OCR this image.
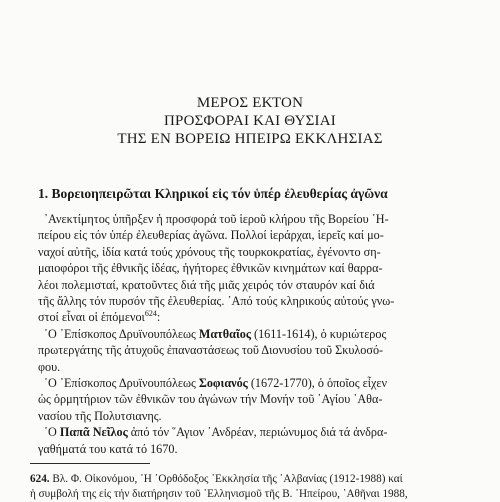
ΜΕΡΟΣ ΕΚΤΟΝ
ΠΡΟΣΦΟΡΑΙ ΚΑΙ ΘΥΣΙΑΙ
ΤΗΣ ΕΝ ΒΟΡΕΙΩ ΗΠΕΙΡΩ ΕΚΚΛΗΣΙΑΣ
1. Βορειοηπειρῶται Κληρικοί εἰς τόν ὑπέρ ἐλευθερίας ἀγῶνα
᾿Ανεκτίμητος ὑπῆρξεν ἡ προσφορά τοῦ ἱεροῦ κλήρου τῆς Βορείου ῾Η-
πείρου εἰς τόν ὑπέρ ἐλευθερίας ἀγῶνα. Πολλοί ἱεράρχαι, ἱερεῖς καί μο-
ναχοί αὐτῆς, ἰδία κατά τούς χρόνους τῆς τουρκοκρατίας, ἐγένοντο ση-
μαιοφόροι τῆς ἐθνικῆς ἰδέας, ἡγήτορες ἐθνικῶν κινημάτων καί θαρρα-
λέοι πολεμισταί, κρατοῦντες διά τῆς μιᾶς χειρός τόν σταυρόν καί διά
τῆς ἄλλης τόν πυρσόν τῆς ἐλευθερίας. ᾿Από τούς κληρικούς αὐτούς γνω-
στοί εἶναι οἱ ἑπόμενοι$^{624}$:
῾Ο ᾿Επίσκοπος Δρυϊνουπόλεως Ματθαῖος (1611-1614), ὁ κυριώτερος
πρωτεργάτης τῆς ἀτυχοῦς ἐπαναστάσεως τοῦ Διονυσίου τοῦ Σκυλοσό-
φου.
῾Ο ᾿Επίσκοπος Δρυϊνουπόλεως Σοφιανός (1672-1770), ὁ ὁποῖος εἶχεν
ὡς ὁρμητήριον τῶν ἐθνικῶν του ἀγώνων τήν Μονήν τοῦ ῾Αγίου ᾿Αθα-
νασίου τῆς Πολυτσιανης.
῾Ο Παπᾶ Νεῖλος ἀπό τόν ῞Αγιον ᾿Ανδρέαν, περιώνυμος διά τά ἀνδρα-
γαθήματά του κατά τό 1670.
624. Βλ. Φ. Οἰκονόμου, ῾Η ᾿Ορθόδοξος ᾿Εκκλησία τῆς ᾿Αλβανίας (1912-1988) καί
ἡ συμβολή της εἰς τήν διατήρησιν τοῦ ῾Ελληνισμοῦ τῆς Β. ῾Ηπείρου, ᾿Αθῆναι 1988,
